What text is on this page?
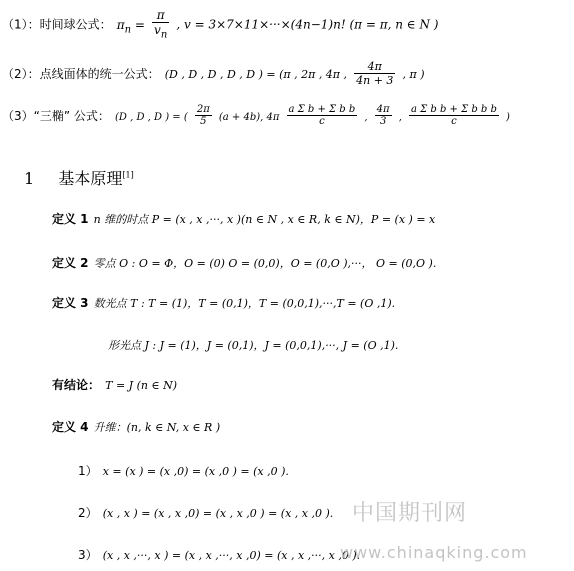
（1）：时间球公式： $\pi_n = \frac{\pi}{v_n}$ , v = 3×7×11×···×(4n−1)n! (π = π, n ∈ N )
（2）：点线面体的统一公式： (D , D , D , D , D ) = (π , 2π , 4π , $\frac{4\pi}{4n + 3}$ , π )
（3）“三椭” 公式： (D , D , D ) = ( $\frac{2\pi}{5} (a + 4b)$, $4\pi \frac{\text{a Σ b + Σ b b}}{c}$ , $\frac{4\pi}{3}$ , $\frac{\text{a Σ b b + Σ b b b}}{c}$ )
1 基本原理[1]
定义 1 n 维的时点 P = (x , x ,···, x )(n ∈ N , x ∈ R, k ∈ N)，P = (x ) = x
定义 2 零点 O : O = Φ，O = (0) O = (0,0)，O = (0,O ),···， O = (0,O ).
定义 3 数光点 T : T = (1)，T = (0,1)，T = (0,0,1),···,T = (O ,1).
形光点 J : J = (1)，J = (0,1)，J = (0,0,1),···, J = (O ,1).
有结论： T = J (n ∈ N)
定义 4 升维：(n, k ∈ N, x ∈ R )
1） x = (x ) = (x ,0) = (x ,0 ) = (x ,0 ).
2） (x , x ) = (x , x ,0) = (x , x ,0 ) = (x , x ,0 ).
3） (x , x ,···, x ) = (x , x ,···, x ,0) = (x , x ,···, x ,0 ).
中国期刊网
www.chinaqking.com
